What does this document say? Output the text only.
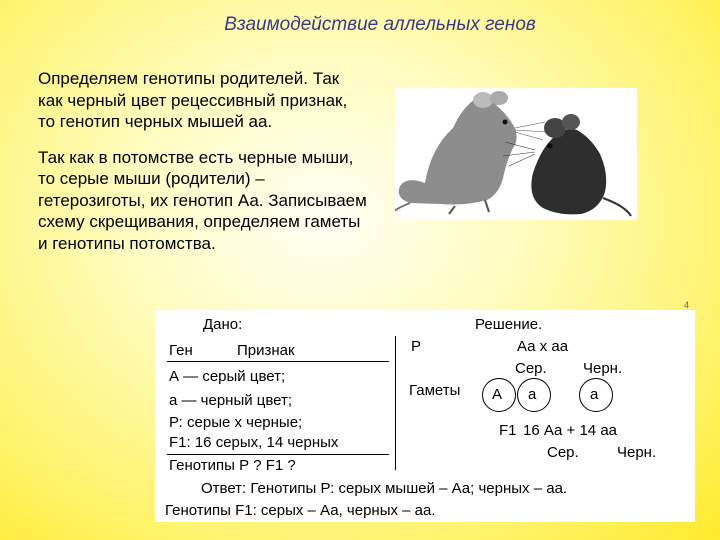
Взаимодействие аллельных генов

Определяем генотипы родителей. Так как черный цвет рецессивный признак, то генотип черных мышей аа.

Так как в потомстве есть черные мыши, то серые мыши (родители) – гетерозиготы, их генотип Аа. Записываем схему скрещивания, определяем гаметы и генотипы потомства.

4
Дано:	Решение.
Ген	Признак
А — серый цвет;
а — черный цвет;
Р: серые х черные;
F1: 16 серых, 14 черных
Генотипы Р ? F1 ?
Р	Аа х аа
Сер. Черн.
Гаметы А а	а
F1 16 Аа + 14 аа
Сер.	Черн.
Ответ: Генотипы Р: серых мышей – Аа; черных – аа.
Генотипы F1: серых – Аа, черных – аа.
